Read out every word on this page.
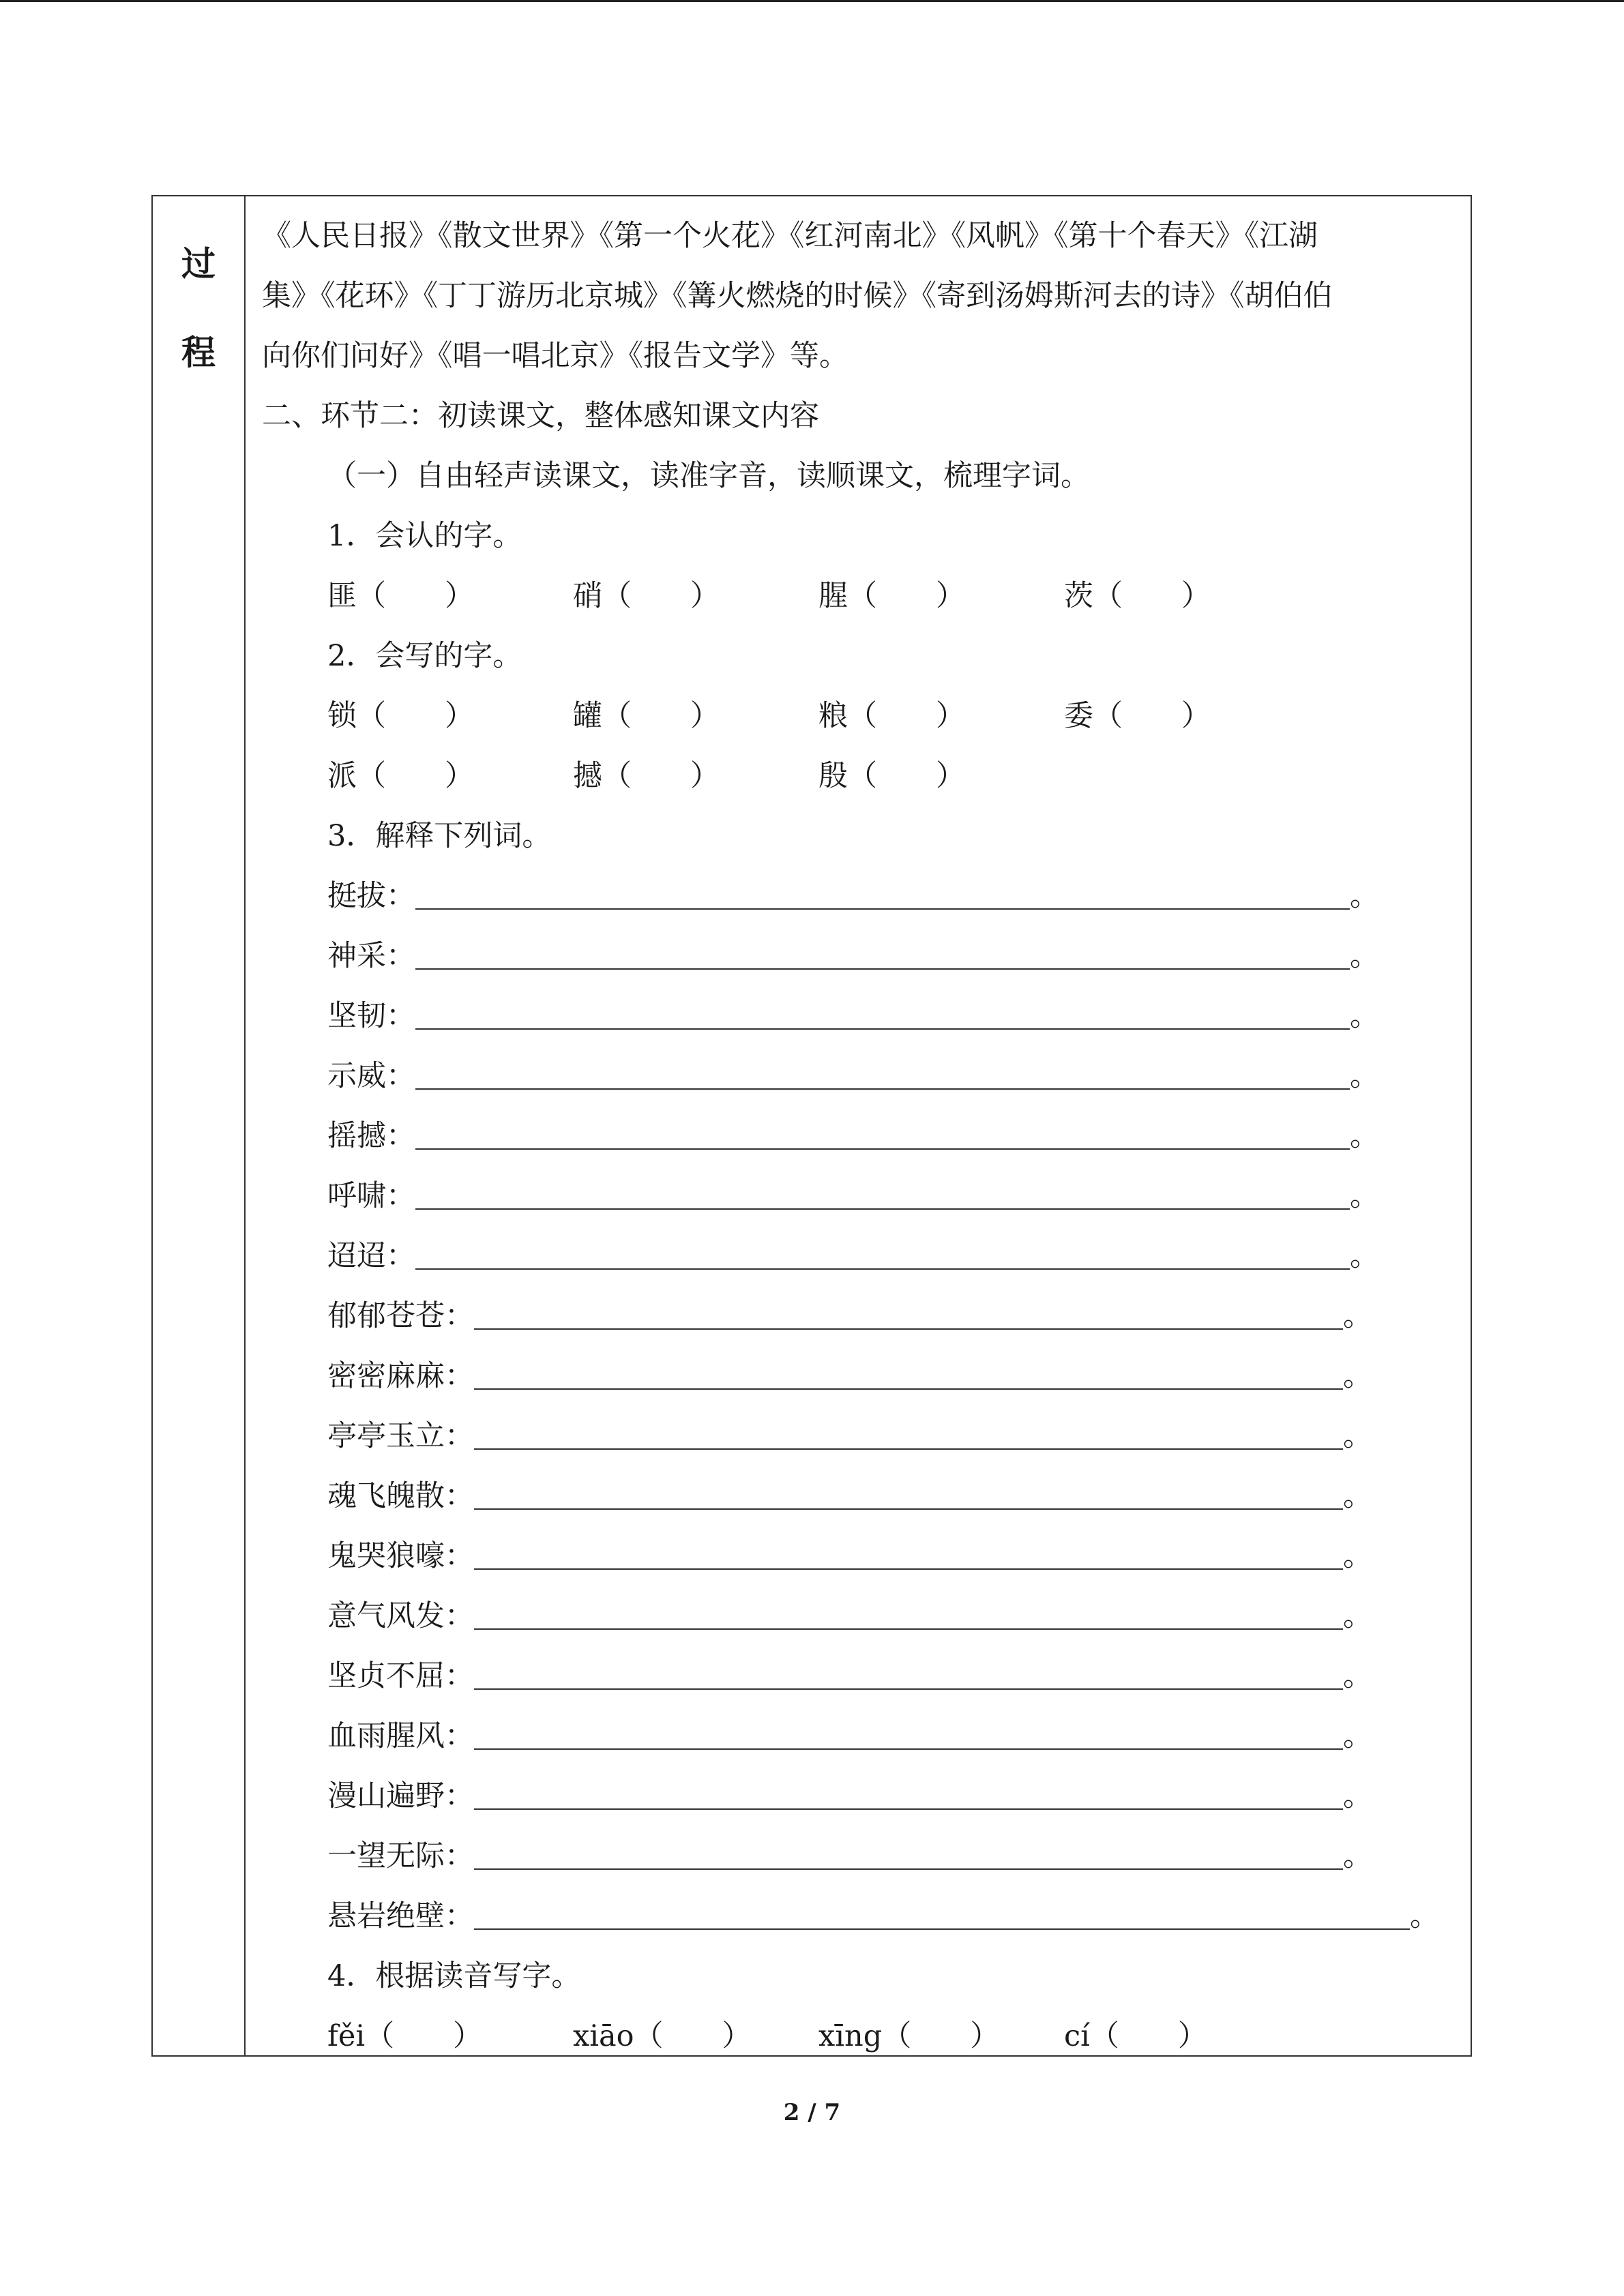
过
程
《人民日报》《散文世界》《第一个火花》《红河南北》《风帆》《第十个春天》《江湖
集》《花环》《丁丁游历北京城》《篝火燃烧的时候》《寄到汤姆斯河去的诗》《胡伯伯
向你们问好》《唱一唱北京》《报告文学》等。
二、环节二：初读课文，整体感知课文内容
（一）自由轻声读课文，读准字音，读顺课文，梳理字词。
1．会认的字。
匪（　　）	硝（　　）	腥（　　）	茨（　　）
2．会写的字。
锁（　　）	罐（　　）	粮（　　）	委（　　）
派（　　）	撼（　　）	殷（　　）
3．解释下列词。
挺拔：	。
神采：	。
坚韧：	。
示威：	。
摇撼：	。
呼啸：	。
迢迢：	。
郁郁苍苍：	。
密密麻麻：	。
亭亭玉立：	。
魂飞魄散：	。
鬼哭狼嚎：	。
意气风发：	。
坚贞不屈：	。
血雨腥风：	。
漫山遍野：	。
一望无际：	。
悬岩绝壁：	。
4．根据读音写字。
fěi（　　）	xiāo（　　） xīng（　　） cí（　　）
2 / 7
